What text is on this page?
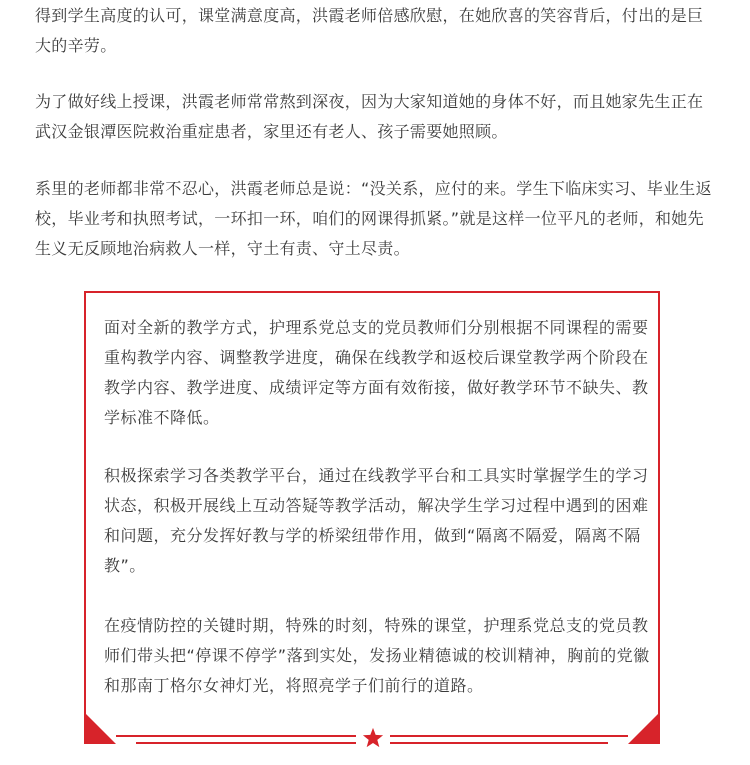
得到学生高度的认可，课堂满意度高，洪霞老师倍感欣慰，在她欣喜的笑容背后，付出的是巨大的辛劳。

为了做好线上授课，洪霞老师常常熬到深夜，因为大家知道她的身体不好，而且她家先生正在武汉金银潭医院救治重症患者，家里还有老人、孩子需要她照顾。

系里的老师都非常不忍心，洪霞老师总是说：“没关系，应付的来。学生下临床实习、毕业生返校，毕业考和执照考试，一环扣一环，咱们的网课得抓紧。”就是这样一位平凡的老师，和她先生义无反顾地治病救人一样，守土有责、守土尽责。

面对全新的教学方式，护理系党总支的党员教师们分别根据不同课程的需要重构教学内容、调整教学进度，确保在线教学和返校后课堂教学两个阶段在教学内容、教学进度、成绩评定等方面有效衔接，做好教学环节不缺失、教学标准不降低。

积极探索学习各类教学平台，通过在线教学平台和工具实时掌握学生的学习状态，积极开展线上互动答疑等教学活动，解决学生学习过程中遇到的困难和问题，充分发挥好教与学的桥梁纽带作用，做到“隔离不隔爱，隔离不隔教”。

在疫情防控的关键时期，特殊的时刻，特殊的课堂，护理系党总支的党员教师们带头把“停课不停学”落到实处，发扬业精德诚的校训精神，胸前的党徽和那南丁格尔女神灯光，将照亮学子们前行的道路。
